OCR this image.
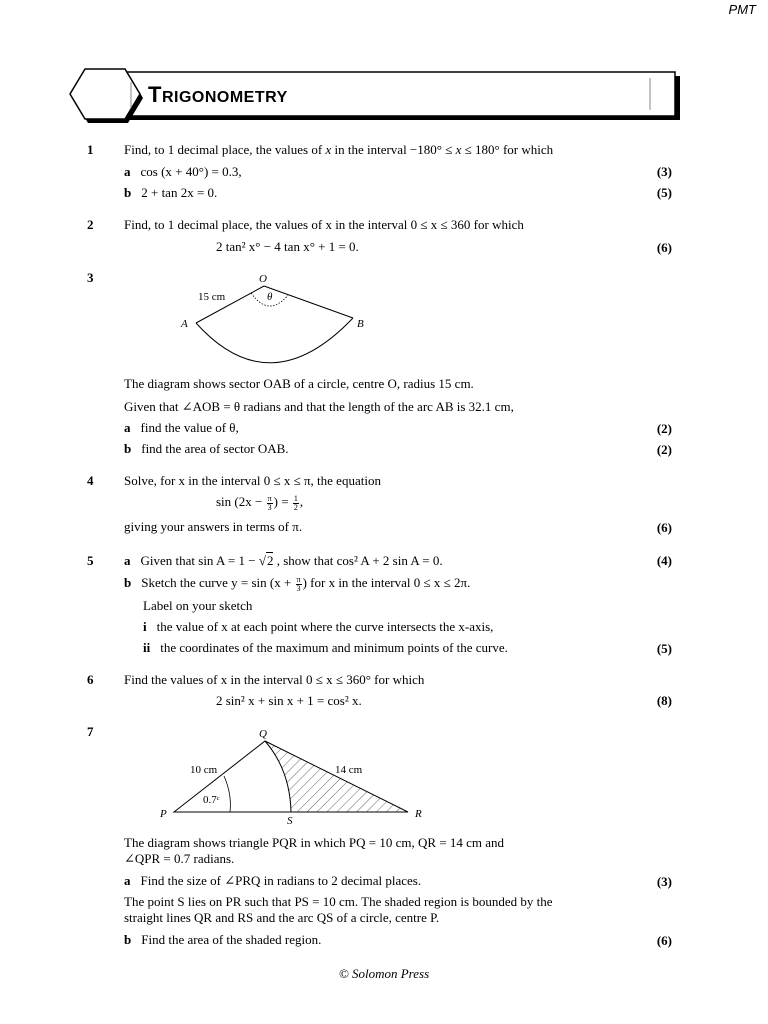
PMT
TRIGONOMETRY
1 Find, to 1 decimal place, the values of x in the interval −180° ≤ x ≤ 180° for which
a cos (x + 40°) = 0.3,	(3)
b 2 + tan 2x = 0.	(5)
2 Find, to 1 decimal place, the values of x in the interval 0 ≤ x ≤ 360 for which
2 tan² x° − 4 tan x° + 1 = 0.	(6)
3	O
A	B
15 cm	θ
The diagram shows sector OAB of a circle, centre O, radius 15 cm.
Given that ∠AOB = θ radians and that the length of the arc AB is 32.1 cm,
a find the value of θ,	(2)
b find the area of sector OAB.	(2)
4 Solve, for x in the interval 0 ≤ x ≤ π, the equation
$\sin (2x - \frac{\pi}{3}$ ) = $\frac{1}{2}$ ,
giving your answers in terms of π.	(6)
5 a Given that sin A = 1 − √2 , show that cos² A + 2 sin A = 0.	(4)
b Sketch the curve $y = \sin (x + \frac{\pi}{3}$ ) for x in the interval 0 ≤ x ≤ 2π.
Label on your sketch
i the value of x at each point where the curve intersects the x-axis,
ii the coordinates of the maximum and minimum points of the curve.	(5)
6 Find the values of x in the interval 0 ≤ x ≤ 360° for which
2 sin² x + sin x + 1 = cos² x.	(8)
7	Q
P	R
S
10 cm	14 cm
0.7ᶜ
The diagram shows triangle PQR in which PQ = 10 cm, QR = 14 cm and
∠QPR = 0.7 radians.
a Find the size of ∠PRQ in radians to 2 decimal places.	(3)
The point S lies on PR such that PS = 10 cm. The shaded region is bounded by the
straight lines QR and RS and the arc QS of a circle, centre P.
b Find the area of the shaded region.	(6)
© Solomon Press
